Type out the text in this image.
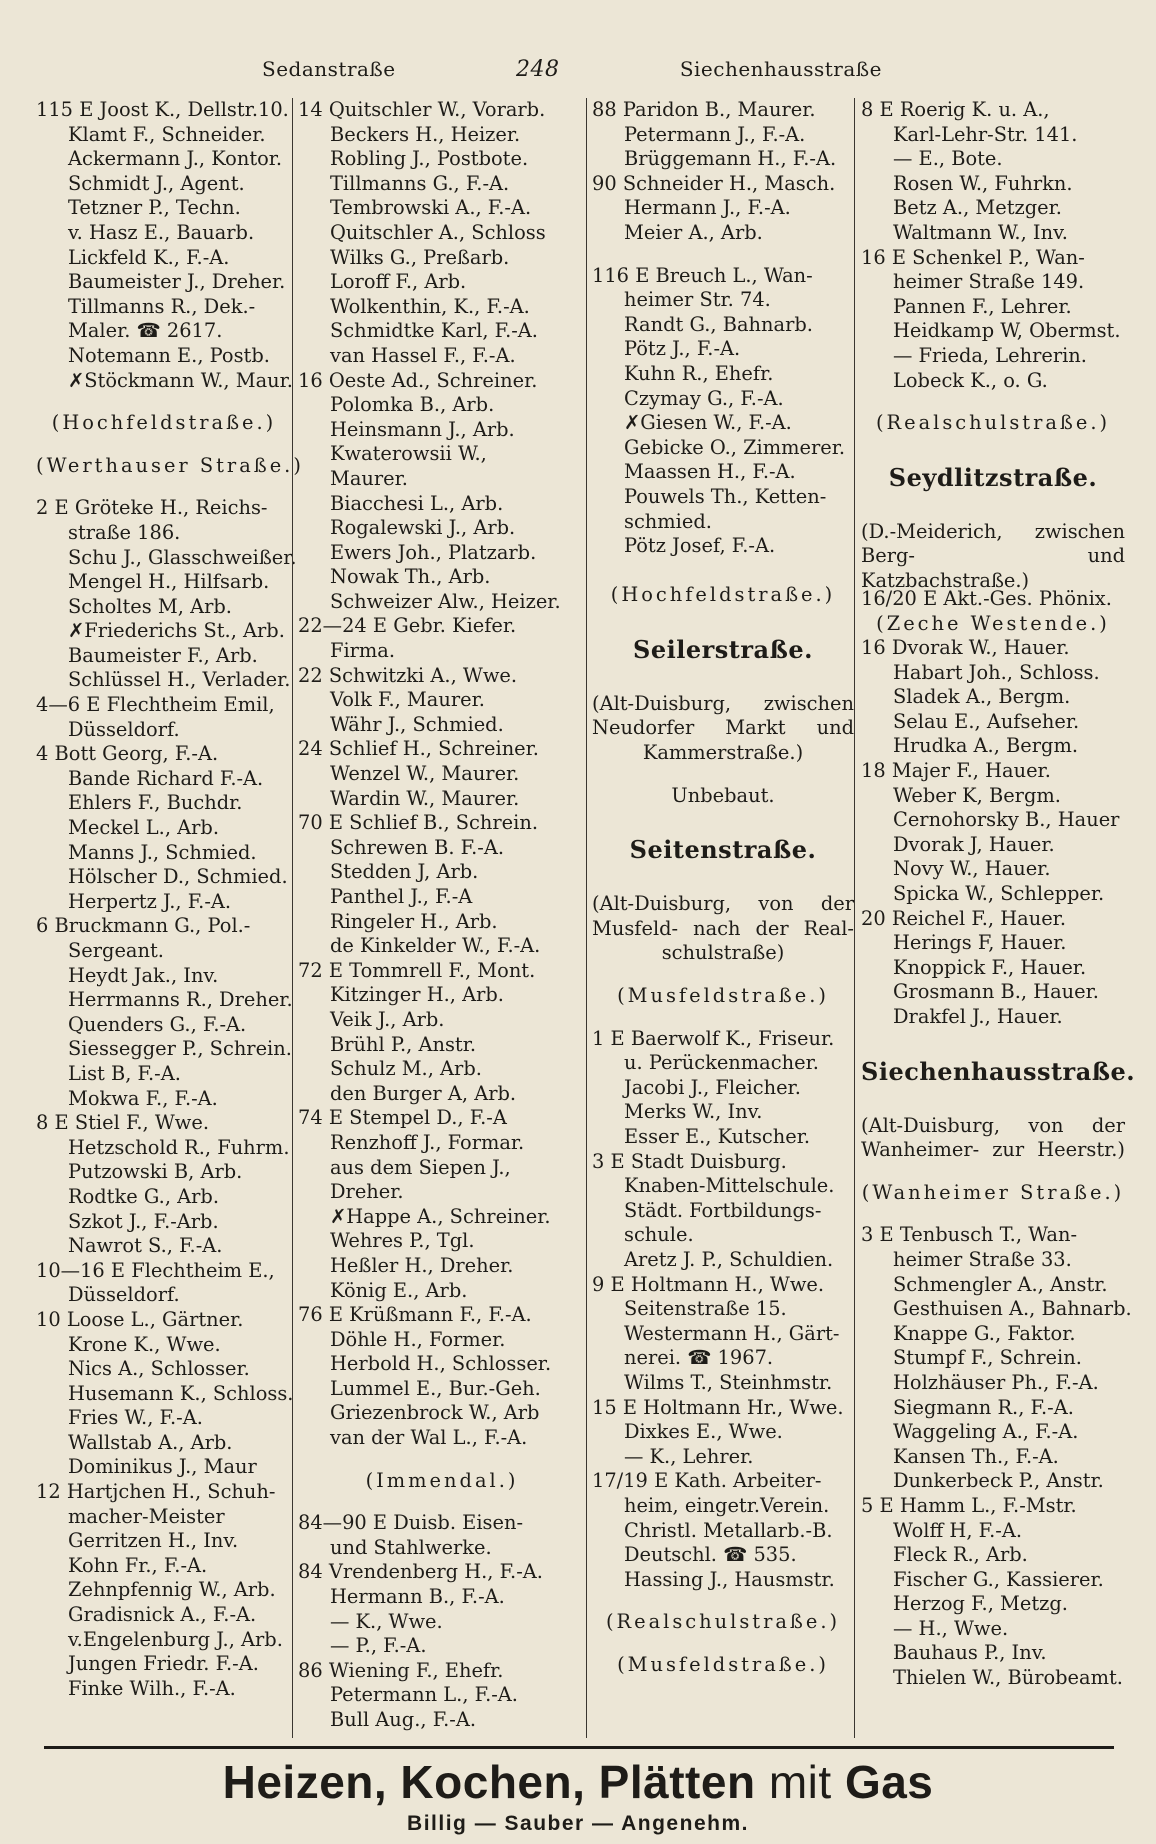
Sedanstraße	248	Siechenhausstraße
115 E Joost K., Dellstr.10.
Klamt F., Schneider.
Ackermann J., Kontor.
Schmidt J., Agent.
Tetzner P., Techn.
v. Hasz E., Bauarb.
Lickfeld K., F.-A.
Baumeister J., Dreher.
Tillmanns R., Dek.-
Maler. ☎ 2617.
Notemann E., Postb.
✗Stöckmann W., Maur.
(Hochfeldstraße.)
(Werthauser Straße.)
2 E Gröteke H., Reichs-
straße 186.
Schu J., Glasschweißer.
Mengel H., Hilfsarb.
Scholtes M, Arb.
✗Friederichs St., Arb.
Baumeister F., Arb.
Schlüssel H., Verlader.
4—6 E Flechtheim Emil,
Düsseldorf.
4 Bott Georg, F.-A.
Bande Richard F.-A.
Ehlers F., Buchdr.
Meckel L., Arb.
Manns J., Schmied.
Hölscher D., Schmied.
Herpertz J., F.-A.
6 Bruckmann G., Pol.-
Sergeant.
Heydt Jak., Inv.
Herrmanns R., Dreher.
Quenders G., F.-A.
Siessegger P., Schrein.
List B, F.-A.
Mokwa F., F.-A.
8 E Stiel F., Wwe.
Hetzschold R., Fuhrm.
Putzowski B, Arb.
Rodtke G., Arb.
Szkot J., F.-Arb.
Nawrot S., F.-A.
10—16 E Flechtheim E.,
Düsseldorf.
10 Loose L., Gärtner.
Krone K., Wwe.
Nics A., Schlosser.
Husemann K., Schloss.
Fries W., F.-A.
Wallstab A., Arb.
Dominikus J., Maur
12 Hartjchen H., Schuh-
macher-Meister
Gerritzen H., Inv.
Kohn Fr., F.-A.
Zehnpfennig W., Arb.
Gradisnick A., F.-A.
v.Engelenburg J., Arb.
Jungen Friedr. F.-A.
Finke Wilh., F.-A.
14 Quitschler W., Vorarb.
Beckers H., Heizer.
Robling J., Postbote.
Tillmanns G., F.-A.
Tembrowski A., F.-A.
Quitschler A., Schloss
Wilks G., Preßarb.
Loroff F., Arb.
Wolkenthin, K., F.-A.
Schmidtke Karl, F.-A.
van Hassel F., F.-A.
16 Oeste Ad., Schreiner.
Polomka B., Arb.
Heinsmann J., Arb.
Kwaterowsii W.,
Maurer.
Biacchesi L., Arb.
Rogalewski J., Arb.
Ewers Joh., Platzarb.
Nowak Th., Arb.
Schweizer Alw., Heizer.
22—24 E Gebr. Kiefer.
Firma.
22 Schwitzki A., Wwe.
Volk F., Maurer.
Währ J., Schmied.
24 Schlief H., Schreiner.
Wenzel W., Maurer.
Wardin W., Maurer.
70 E Schlief B., Schrein.
Schrewen B. F.-A.
Stedden J, Arb.
Panthel J., F.-A
Ringeler H., Arb.
de Kinkelder W., F.-A.
72 E Tommrell F., Mont.
Kitzinger H., Arb.
Veik J., Arb.
Brühl P., Anstr.
Schulz M., Arb.
den Burger A, Arb.
74 E Stempel D., F.-A
Renzhoff J., Formar.
aus dem Siepen J.,
Dreher.
✗Happe A., Schreiner.
Wehres P., Tgl.
Heßler H., Dreher.
König E., Arb.
76 E Krüßmann F., F.-A.
Döhle H., Former.
Herbold H., Schlosser.
Lummel E., Bur.-Geh.
Griezenbrock W., Arb
van der Wal L., F.-A.
(Immendal.)
84—90 E Duisb. Eisen-
und Stahlwerke.
84 Vrendenberg H., F.-A.
Hermann B., F.-A.
— K., Wwe.
— P., F.-A.
86 Wiening F., Ehefr.
Petermann L., F.-A.
Bull Aug., F.-A.
88 Paridon B., Maurer.
Petermann J., F.-A.
Brüggemann H., F.-A.
90 Schneider H., Masch.
Hermann J., F.-A.
Meier A., Arb.
116 E Breuch L., Wan-
heimer Str. 74.
Randt G., Bahnarb.
Pötz J., F.-A.
Kuhn R., Ehefr.
Czymay G., F.-A.
✗Giesen W., F.-A.
Gebicke O., Zimmerer.
Maassen H., F.-A.
Pouwels Th., Ketten-
schmied.
Pötz Josef, F.-A.
(Hochfeldstraße.)
Seilerstraße.
(Alt-Duisburg, zwischen
Neudorfer Markt und
Kammerstraße.)
Unbebaut.
Seitenstraße.
(Alt-Duisburg, von der
Musfeld- nach der Real-
schulstraße)
(Musfeldstraße.)
1 E Baerwolf K., Friseur.
u. Perückenmacher.
Jacobi J., Fleicher.
Merks W., Inv.
Esser E., Kutscher.
3 E Stadt Duisburg.
Knaben-Mittelschule.
Städt. Fortbildungs-
schule.
Aretz J. P., Schuldien.
9 E Holtmann H., Wwe.
Seitenstraße 15.
Westermann H., Gärt-
nerei. ☎ 1967.
Wilms T., Steinhmstr.
15 E Holtmann Hr., Wwe.
Dixkes E., Wwe.
— K., Lehrer.
17/19 E Kath. Arbeiter-
heim, eingetr.Verein.
Christl. Metallarb.-B.
Deutschl. ☎ 535.
Hassing J., Hausmstr.
(Realschulstraße.)
(Musfeldstraße.)
8 E Roerig K. u. A.,
Karl-Lehr-Str. 141.
— E., Bote.
Rosen W., Fuhrkn.
Betz A., Metzger.
Waltmann W., Inv.
16 E Schenkel P., Wan-
heimer Straße 149.
Pannen F., Lehrer.
Heidkamp W, Obermst.
— Frieda, Lehrerin.
Lobeck K., o. G.
(Realschulstraße.)
Seydlitzstraße.
(D.-Meiderich, zwischen
Berg- und Katzbachstraße.)
16/20 E Akt.-Ges. Phönix.
(Zeche Westende.)
16 Dvorak W., Hauer.
Habart Joh., Schloss.
Sladek A., Bergm.
Selau E., Aufseher.
Hrudka A., Bergm.
18 Majer F., Hauer.
Weber K, Bergm.
Cernohorsky B., Hauer
Dvorak J, Hauer.
Novy W., Hauer.
Spicka W., Schlepper.
20 Reichel F., Hauer.
Herings F, Hauer.
Knoppick F., Hauer.
Grosmann B., Hauer.
Drakfel J., Hauer.
Siechenhausstraße.
(Alt-Duisburg, von der
Wanheimer- zur Heerstr.)
(Wanheimer Straße.)
3 E Tenbusch T., Wan-
heimer Straße 33.
Schmengler A., Anstr.
Gesthuisen A., Bahnarb.
Knappe G., Faktor.
Stumpf F., Schrein.
Holzhäuser Ph., F.-A.
Siegmann R., F.-A.
Waggeling A., F.-A.
Kansen Th., F.-A.
Dunkerbeck P., Anstr.
5 E Hamm L., F.-Mstr.
Wolff H, F.-A.
Fleck R., Arb.
Fischer G., Kassierer.
Herzog F., Metzg.
— H., Wwe.
Bauhaus P., Inv.
Thielen W., Bürobeamt.
Heizen, Kochen, Plätten mit Gas
Billig — Sauber — Angenehm.
